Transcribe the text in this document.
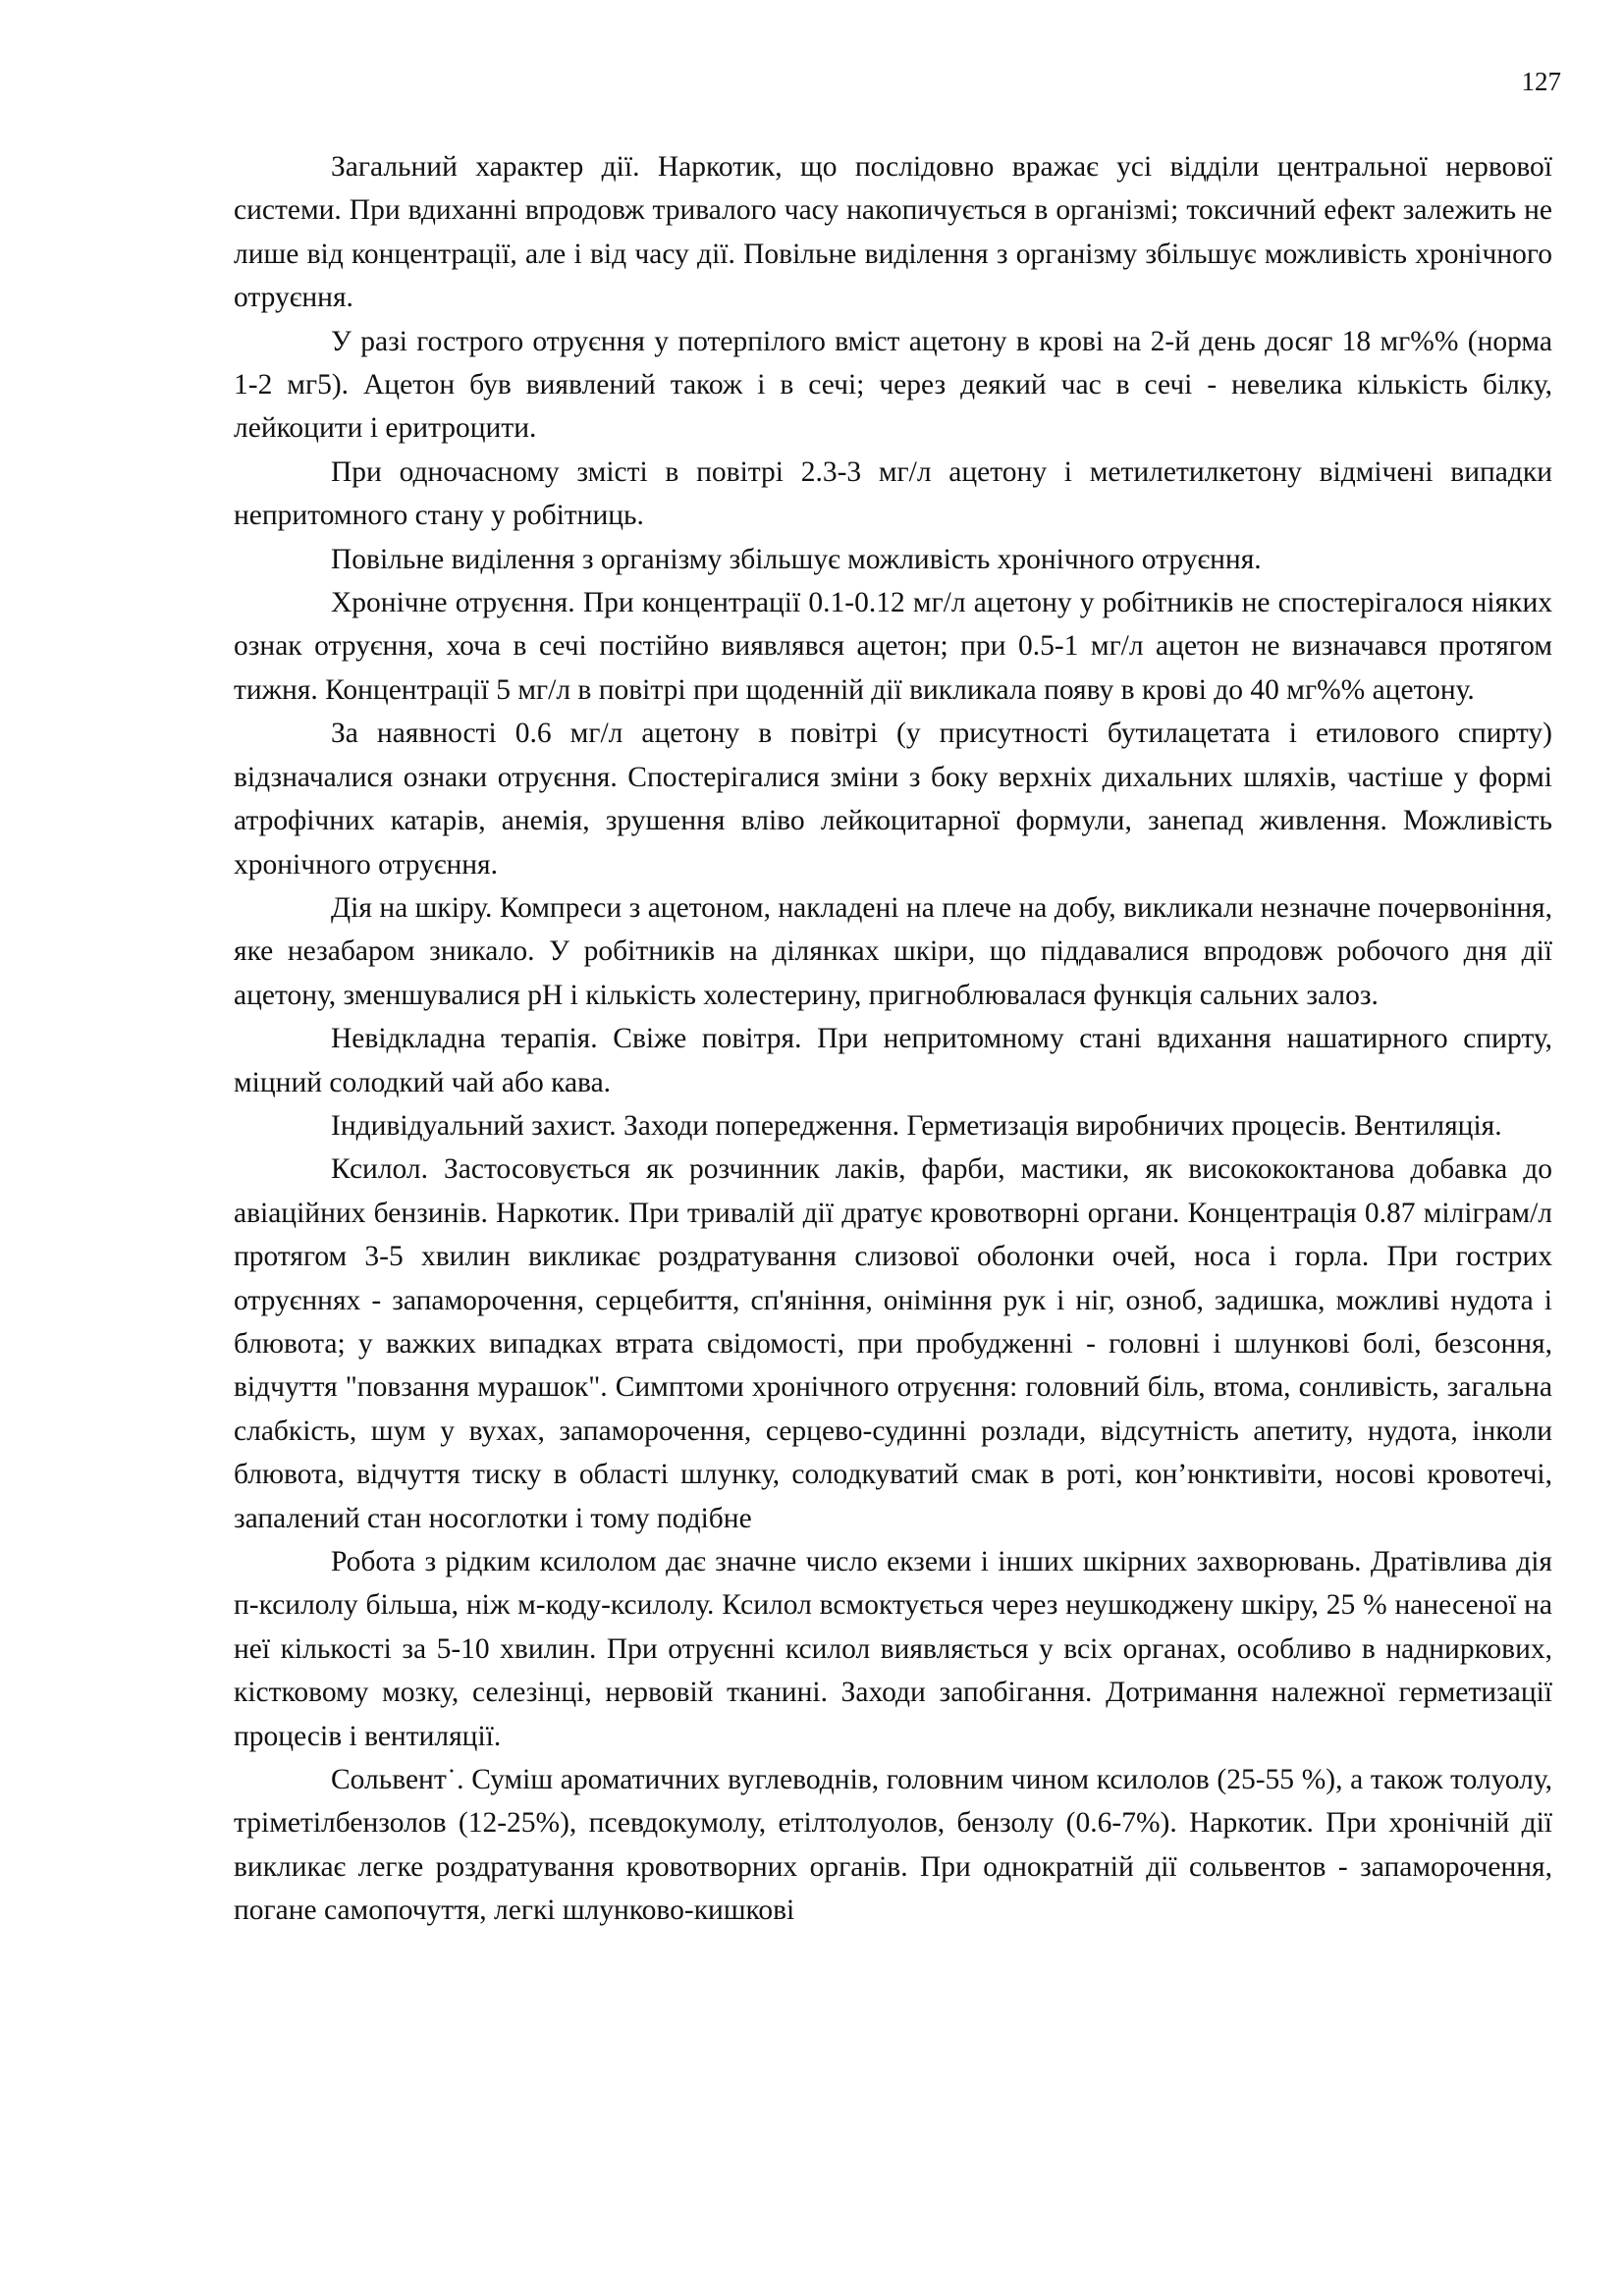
127

Загальний характер дії. Наркотик, що послідовно вражає усі відділи центральної нервової системи. При вдиханні впродовж тривалого часу накопичується в організмі; токсичний ефект залежить не лише від концентрації, але і від часу дії. Повільне виділення з організму збільшує можливість хронічного отруєння.

У разі гострого отруєння у потерпілого вміст ацетону в крові на 2-й день досяг 18 мг%% (норма 1-2 мг5). Ацетон був виявлений також і в сечі; через деякий час в сечі - невелика кількість білку, лейкоцити і еритроцити.

При одночасному змісті в повітрі 2.3-3 мг/л ацетону і метилетилкетону відмічені випадки непритомного стану у робітниць.

Повільне виділення з організму збільшує можливість хронічного отруєння.

Хронічне отруєння. При концентрації 0.1-0.12 мг/л ацетону у робітників не спостерігалося ніяких ознак отруєння, хоча в сечі постійно виявлявся ацетон; при 0.5-1 мг/л ацетон не визначався протягом тижня. Концентрації 5 мг/л в повітрі при щоденній дії викликала появу в крові до 40 мг%% ацетону.

За наявності 0.6 мг/л ацетону в повітрі (у присутності бутилацетата і етилового спирту) відзначалися ознаки отруєння. Спостерігалися зміни з боку верхніх дихальних шляхів, частіше у формі атрофічних катарів, анемія, зрушення вліво лейкоцитарної формули, занепад живлення. Можливість хронічного отруєння.

Дія на шкіру. Компреси з ацетоном, накладені на плече на добу, викликали незначне почервоніння, яке незабаром зникало. У робітників на ділянках шкіри, що піддавалися впродовж робочого дня дії ацетону, зменшувалися pH і кількість холестерину, пригноблювалася функція сальних залоз.

Невідкладна терапія. Свіже повітря. При непритомному стані вдихання нашатирного спирту, міцний солодкий чай або кава.

Індивідуальний захист. Заходи попередження. Герметизація виробничих процесів. Вентиляція.

Ксилол. Застосовується як розчинник лаків, фарби, мастики, як високококтанова добавка до авіаційних бензинів. Наркотик. При тривалій дії дратує кровотворні органи. Концентрація 0.87 міліграм/л протягом 3-5 хвилин викликає роздратування слизової оболонки очей, носа і горла. При гострих отруєннях - запаморочення, серцебиття, сп'яніння, оніміння рук і ніг, озноб, задишка, можливі нудота і блювота; у важких випадках втрата свідомості, при пробудженні - головні і шлункові болі, безсоння, відчуття "повзання мурашок". Симптоми хронічного отруєння: головний біль, втома, сонливість, загальна слабкість, шум у вухах, запаморочення, серцево-судинні розлади, відсутність апетиту, нудота, інколи блювота, відчуття тиску в області шлунку, солодкуватий смак в роті, кон’юнктивіти, носові кровотечі, запалений стан носоглотки і тому подібне

Робота з рідким ксилолом дає значне число екземи і інших шкірних захворювань. Дратівлива дія п-ксилолу більша, ніж м-коду-ксилолу. Ксилол всмоктується через неушкоджену шкіру, 25 % нанесеної на неї кількості за 5-10 хвилин. При отруєнні ксилол виявляється у всіх органах, особливо в надниркових, кістковому мозку, селезінці, нервовій тканині. Заходи запобігання. Дотримання належної герметизації процесів і вентиляції.

Сольвент˙. Суміш ароматичних вуглеводнів, головним чином ксилолов (25-55 %), а також толуолу, тріметілбензолов (12-25%), псевдокумолу, етілтолуолов, бензолу (0.6-7%). Наркотик. При хронічній дії викликає легке роздратування кровотворних органів. При однократній дії сольвентов - запаморочення, погане самопочуття, легкі шлунково-кишкові
